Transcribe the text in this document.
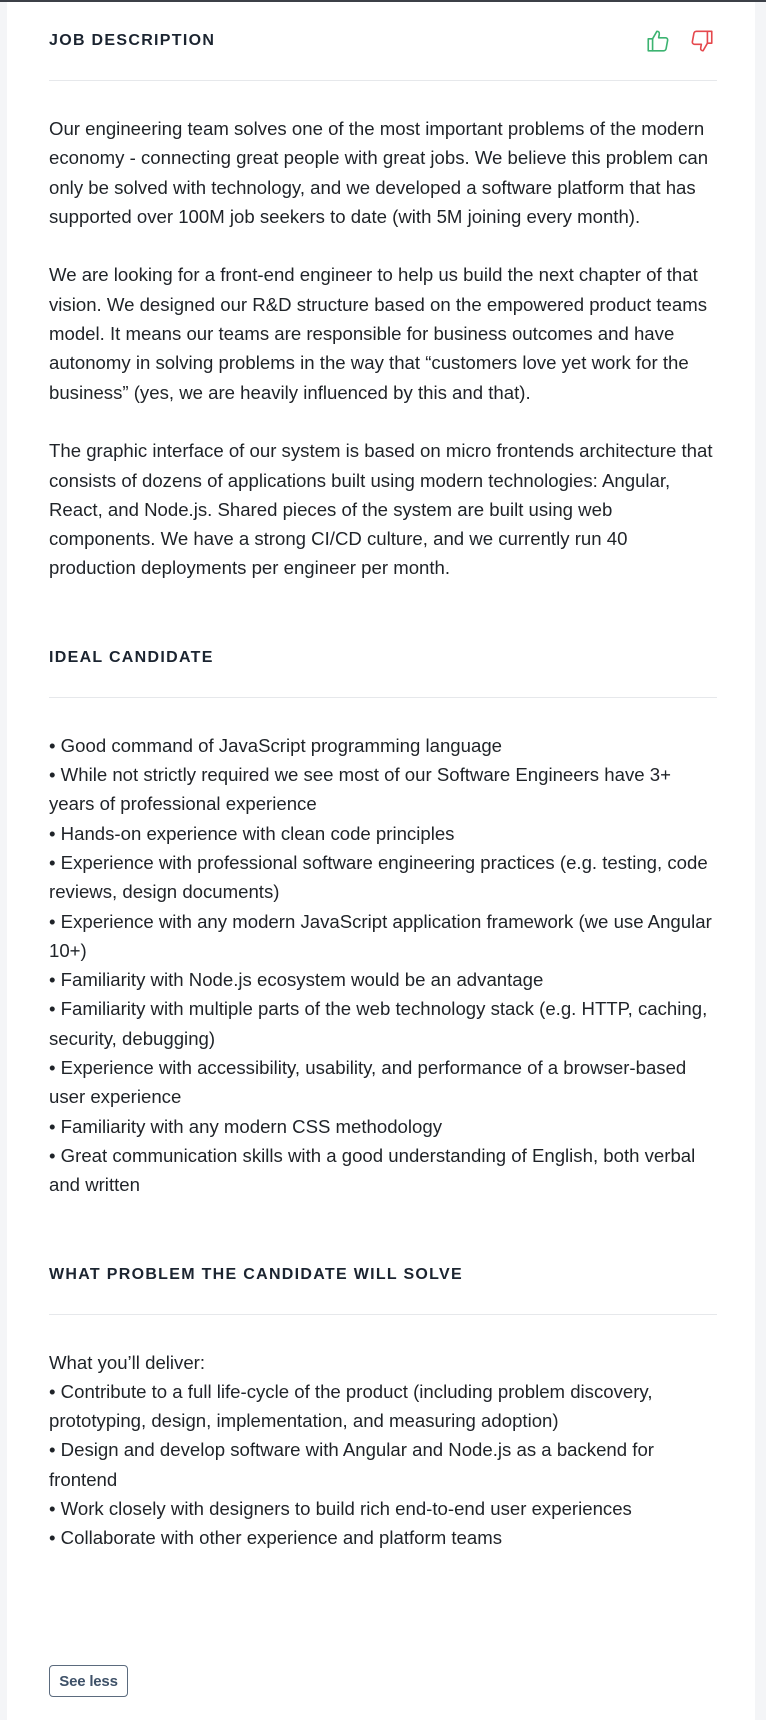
JOB DESCRIPTION

Our engineering team solves one of the most important problems of the modern economy - connecting great people with great jobs. We believe this problem can only be solved with technology, and we developed a software platform that has supported over 100M job seekers to date (with 5M joining every month).

We are looking for a front-end engineer to help us build the next chapter of that vision. We designed our R&D structure based on the empowered product teams model. It means our teams are responsible for business outcomes and have autonomy in solving problems in the way that “customers love yet work for the business” (yes, we are heavily influenced by this and that).

The graphic interface of our system is based on micro frontends architecture that consists of dozens of applications built using modern technologies: Angular, React, and Node.js. Shared pieces of the system are built using web components. We have a strong CI/CD culture, and we currently run 40 production deployments per engineer per month.

IDEAL CANDIDATE
• Good command of JavaScript programming language
• While not strictly required we see most of our Software Engineers have 3+ years of professional experience
• Hands-on experience with clean code principles
• Experience with professional software engineering practices (e.g. testing, code reviews, design documents)
• Experience with any modern JavaScript application framework (we use Angular 10+)
• Familiarity with Node.js ecosystem would be an advantage
• Familiarity with multiple parts of the web technology stack (e.g. HTTP, caching, security, debugging)
• Experience with accessibility, usability, and performance of a browser-based user experience
• Familiarity with any modern CSS methodology
• Great communication skills with a good understanding of English, both verbal and written
WHAT PROBLEM THE CANDIDATE WILL SOLVE
What you’ll deliver:
• Contribute to a full life-cycle of the product (including problem discovery, prototyping, design, implementation, and measuring adoption)
• Design and develop software with Angular and Node.js as a backend for frontend
• Work closely with designers to build rich end-to-end user experiences
• Collaborate with other experience and platform teams
See less
